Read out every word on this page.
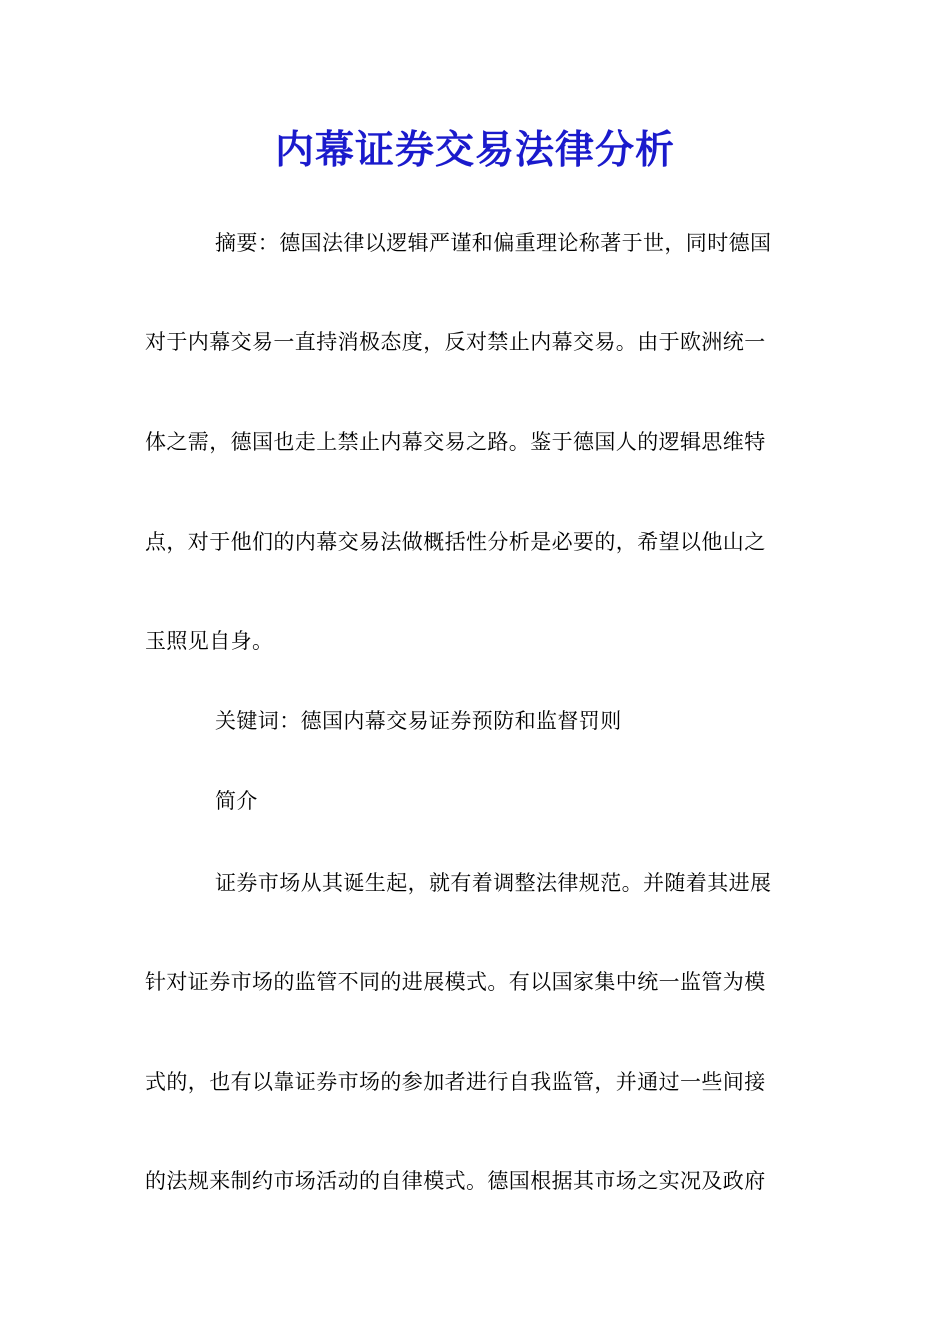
内幕证券交易法律分析

摘要：德国法律以逻辑严谨和偏重理论称著于世，同时德国

对于内幕交易一直持消极态度，反对禁止内幕交易。由于欧洲统一

体之需，德国也走上禁止内幕交易之路。鉴于德国人的逻辑思维特

点，对于他们的内幕交易法做概括性分析是必要的，希望以他山之

玉照见自身。

关键词：德国内幕交易证券预防和监督罚则

简介

证券市场从其诞生起，就有着调整法律规范。并随着其进展

针对证券市场的监管不同的进展模式。有以国家集中统一监管为模

式的，也有以靠证券市场的参加者进行自我监管，并通过一些间接

的法规来制约市场活动的自律模式。德国根据其市场之实况及政府
